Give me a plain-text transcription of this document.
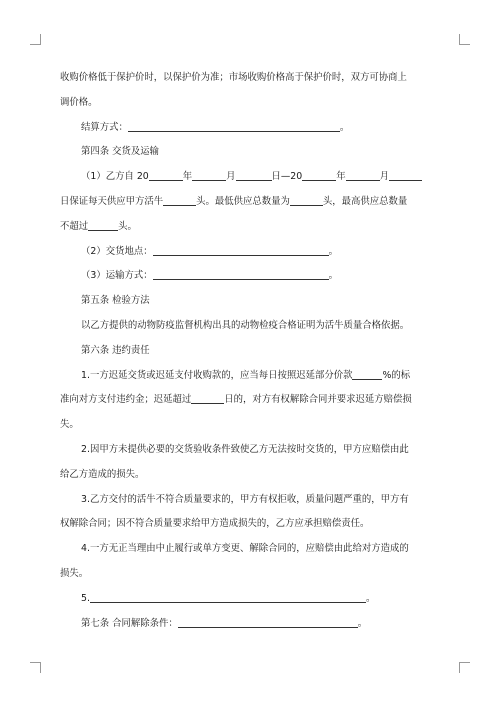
收购价格低于保护价时，以保护价为准；市场收购价格高于保护价时，双方可协商上
调价格。
结算方式：	。
第四条 交货及运输
（1）乙方自 20	年	月	日—20	年	月
日保证每天供应甲方活牛	头。最低供应总数量为	头，最高供应总数量
不超过	头。
（2）交货地点：	。
（3）运输方式：	。
第五条 检验方法
以乙方提供的动物防疫监督机构出具的动物检疫合格证明为活牛质量合格依据。
第六条 违约责任
1.一方迟延交货或迟延支付收购款的，应当每日按照迟延部分价款	%的标
准向对方支付违约金；迟延超过	日的，对方有权解除合同并要求迟延方赔偿损
失。
2.因甲方未提供必要的交货验收条件致使乙方无法按时交货的，甲方应赔偿由此
给乙方造成的损失。
3.乙方交付的活牛不符合质量要求的，甲方有权拒收，质量问题严重的，甲方有
权解除合同；因不符合质量要求给甲方造成损失的，乙方应承担赔偿责任。
4.一方无正当理由中止履行或单方变更、解除合同的，应赔偿由此给对方造成的
损失。
5.	。
第七条 合同解除条件：	。
